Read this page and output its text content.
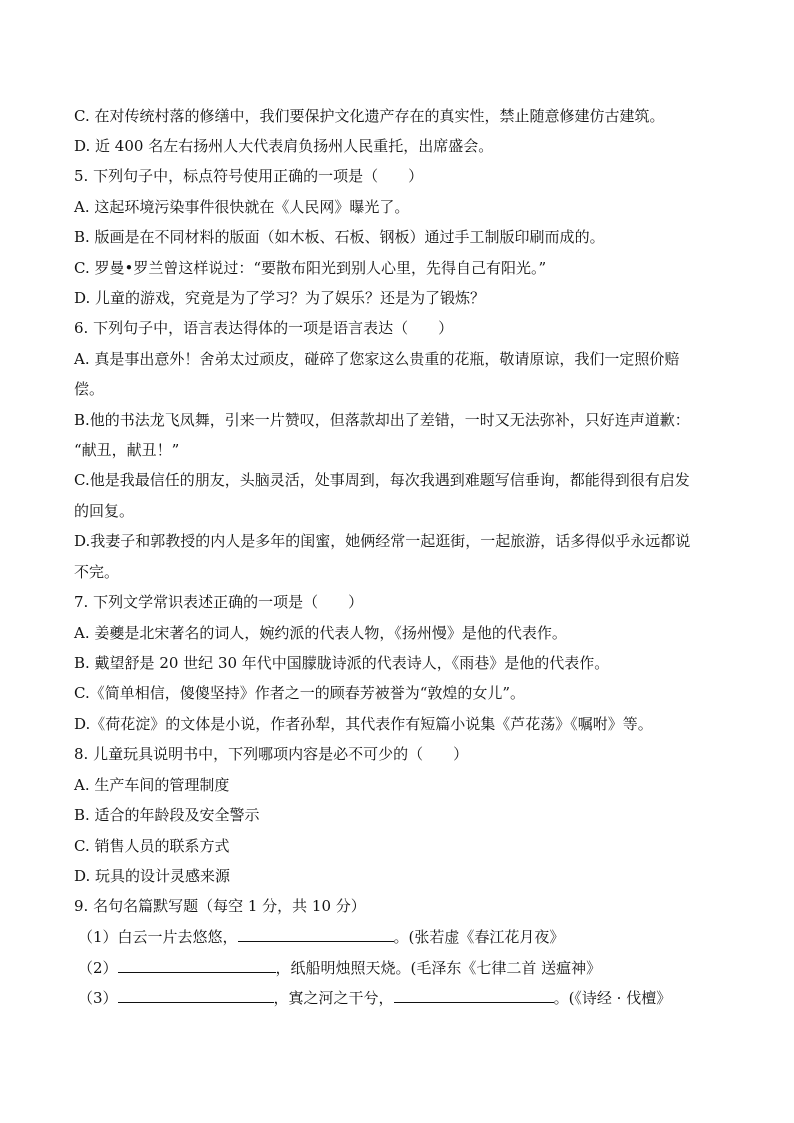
C. 在对传统村落的修缮中，我们要保护文化遗产存在的真实性，禁止随意修建仿古建筑。
D. 近 400 名左右扬州人大代表肩负扬州人民重托，出席盛会。
5. 下列句子中，标点符号使用正确的一项是（　　）
A. 这起环境污染事件很快就在《人民网》曝光了。
B. 版画是在不同材料的版面（如木板、石板、钢板）通过手工制版印刷而成的。
C. 罗曼•罗兰曾这样说过：“要散布阳光到别人心里，先得自己有阳光。”
D. 儿童的游戏，究竟是为了学习？为了娱乐？还是为了锻炼？
6. 下列句子中，语言表达得体的一项是语言表达（　　）
A. 真是事出意外！舍弟太过顽皮，碰碎了您家这么贵重的花瓶，敬请原谅，我们一定照价赔
偿。
B.他的书法龙飞凤舞，引来一片赞叹，但落款却出了差错，一时又无法弥补，只好连声道歉：
“献丑，献丑！”
C.他是我最信任的朋友，头脑灵活，处事周到，每次我遇到难题写信垂询，都能得到很有启发
的回复。
D.我妻子和郭教授的内人是多年的闺蜜，她俩经常一起逛街，一起旅游，话多得似乎永远都说
不完。
7. 下列文学常识表述正确的一项是（　　）
A. 姜夔是北宋著名的词人，婉约派的代表人物，《扬州慢》是他的代表作。
B. 戴望舒是 20 世纪 30 年代中国朦胧诗派的代表诗人，《雨巷》是他的代表作。
C.《简单相信，傻傻坚持》作者之一的顾春芳被誉为“敦煌的女儿”。
D.《荷花淀》的文体是小说，作者孙犁，其代表作有短篇小说集《芦花荡》《嘱咐》等。
8. 儿童玩具说明书中，下列哪项内容是必不可少的（　　）
A. 生产车间的管理制度
B. 适合的年龄段及安全警示
C. 销售人员的联系方式
D. 玩具的设计灵感来源
9. 名句名篇默写题（每空 1 分，共 10 分）
（1）白云一片去悠悠，	。(张若虚《春江花月夜》
（2）	，纸船明烛照天烧。(毛泽东《七律二首 送瘟神》
（3）	，寘之河之干兮，	。(《诗经 · 伐檀》
